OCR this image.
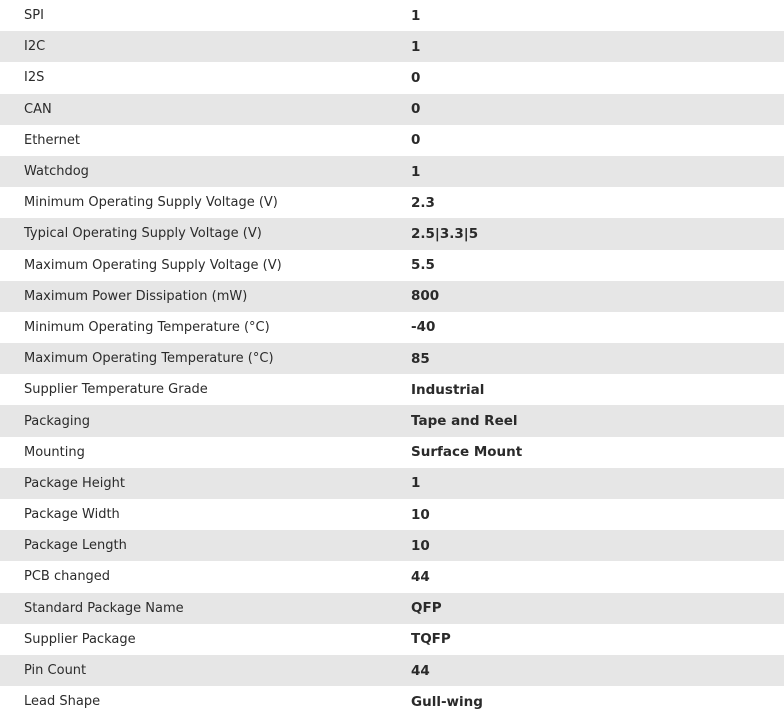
SPI	1
I2C	1
I2S	0
CAN	0
Ethernet	0
Watchdog	1
Minimum Operating Supply Voltage (V)	2.3
Typical Operating Supply Voltage (V)	2.5|3.3|5
Maximum Operating Supply Voltage (V)	5.5
Maximum Power Dissipation (mW)	800
Minimum Operating Temperature (°C)	-40
Maximum Operating Temperature (°C)	85
Supplier Temperature Grade	Industrial
Packaging	Tape and Reel
Mounting	Surface Mount
Package Height	1
Package Width	10
Package Length	10
PCB changed	44
Standard Package Name	QFP
Supplier Package	TQFP
Pin Count	44
Lead Shape	Gull-wing
